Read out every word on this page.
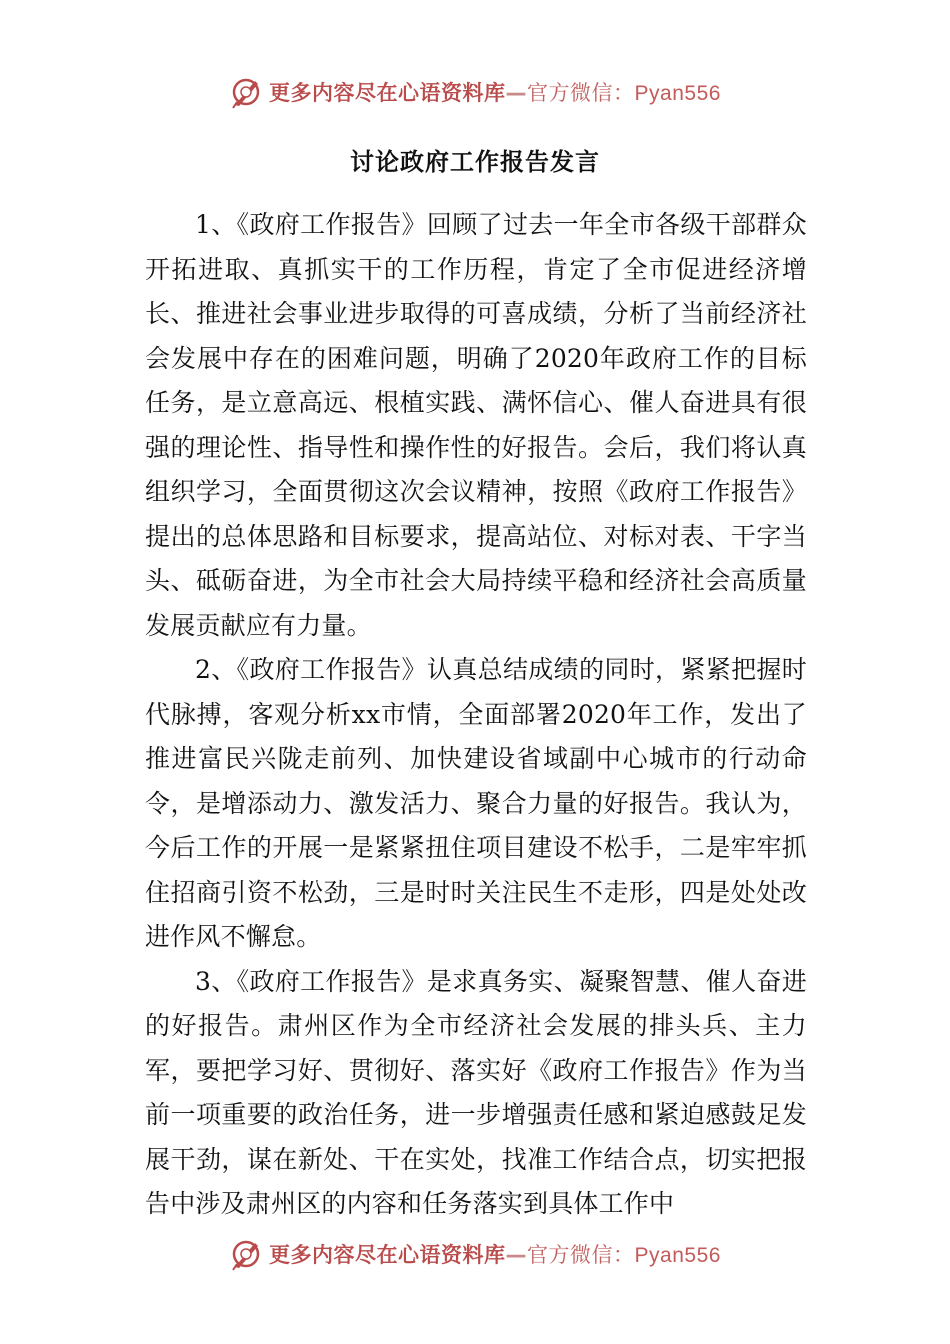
更多内容尽在心语资料库—官方微信：Pyan556
讨论政府工作报告发言

1、《政府工作报告》回顾了过去一年全市各级干部群众开拓进取、真抓实干的工作历程，肯定了全市促进经济增长、推进社会事业进步取得的可喜成绩，分析了当前经济社会发展中存在的困难问题，明确了2020年政府工作的目标任务，是立意高远、根植实践、满怀信心、催人奋进具有很强的理论性、指导性和操作性的好报告。会后，我们将认真组织学习，全面贯彻这次会议精神，按照《政府工作报告》提出的总体思路和目标要求，提高站位、对标对表、干字当头、砥砺奋进，为全市社会大局持续平稳和经济社会高质量发展贡献应有力量。

2、《政府工作报告》认真总结成绩的同时，紧紧把握时代脉搏，客观分析xx市情，全面部署2020年工作，发出了推进富民兴陇走前列、加快建设省域副中心城市的行动命令，是增添动力、激发活力、聚合力量的好报告。我认为，今后工作的开展一是紧紧扭住项目建设不松手，二是牢牢抓住招商引资不松劲，三是时时关注民生不走形，四是处处改进作风不懈怠。

3、《政府工作报告》是求真务实、凝聚智慧、催人奋进的好报告。肃州区作为全市经济社会发展的排头兵、主力军，要把学习好、贯彻好、落实好《政府工作报告》作为当前一项重要的政治任务，进一步增强责任感和紧迫感鼓足发展干劲，谋在新处、干在实处，找准工作结合点，切实把报告中涉及肃州区的内容和任务落实到具体工作中

更多内容尽在心语资料库—官方微信：Pyan556
